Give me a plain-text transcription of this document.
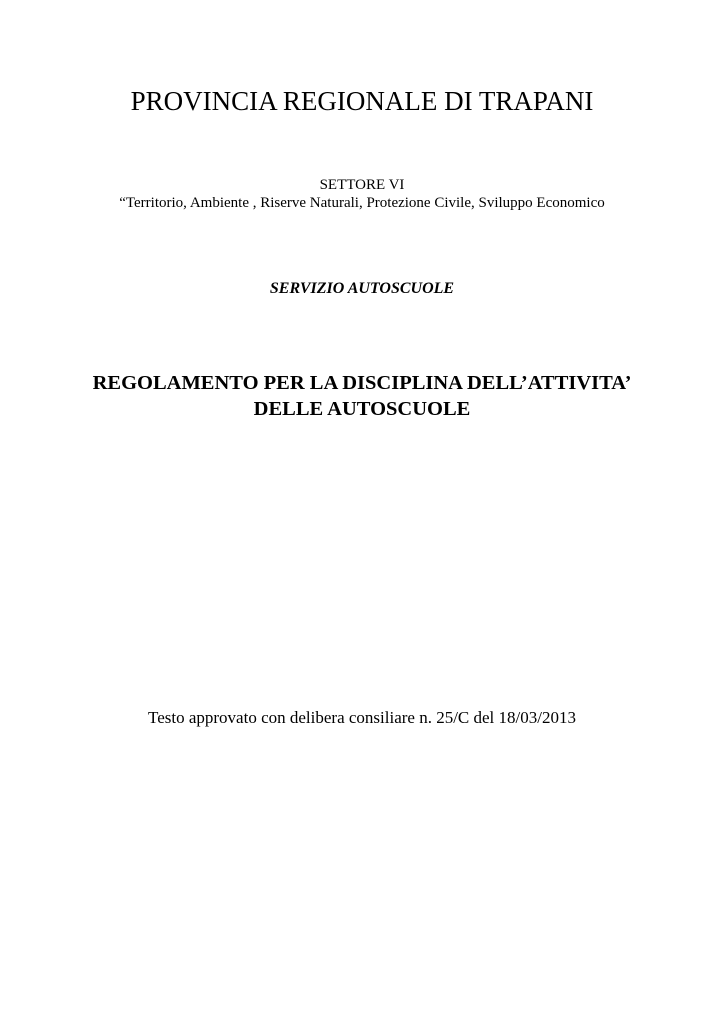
PROVINCIA REGIONALE DI TRAPANI
SETTORE VI
“Territorio, Ambiente , Riserve Naturali, Protezione Civile, Sviluppo Economico
SERVIZIO AUTOSCUOLE
REGOLAMENTO PER LA DISCIPLINA DELL’ATTIVITA’
DELLE AUTOSCUOLE
Testo approvato con delibera consiliare n. 25/C del 18/03/2013
